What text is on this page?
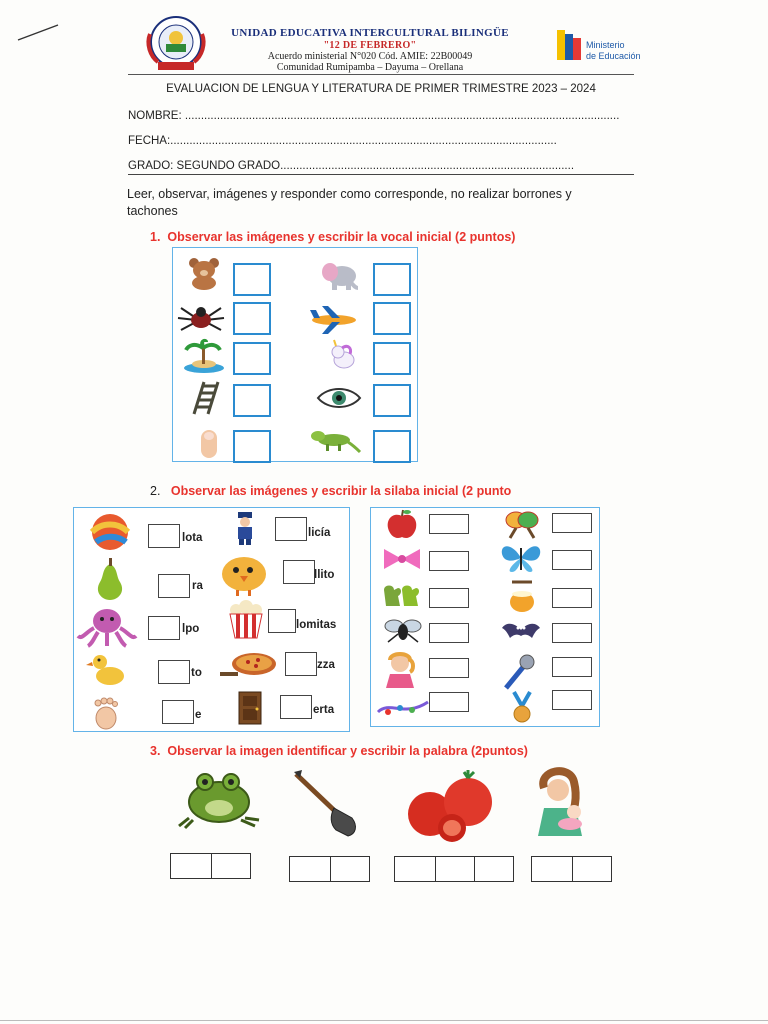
UNIDAD EDUCATIVA INTERCULTURAL BILINGÜE
"12 DE FEBRERO"
Acuerdo ministerial N°020 Cód. AMIE: 22B00049
Comunidad Rumipamba – Dayuma – Orellana
Ministerio
de Educación
EVALUACION DE LENGUA Y LITERATURA DE PRIMER TRIMESTRE 2023 – 2024
NOMBRE: ........................................................................................................................................
FECHA:.........................................................................................................................
GRADO: SEGUNDO GRADO............................................................................................
Leer, observar, imágenes y responder como corresponde, no realizar borrones y tachones
1. Observar las imágenes y escribir la vocal inicial (2 puntos)
2. Observar las imágenes y escribir la silaba inicial (2 punto
lota
ra
lpo
to
e
licía
llito
lomitas
zza
erta
3. Observar la imagen identificar y escribir la palabra (2puntos)
